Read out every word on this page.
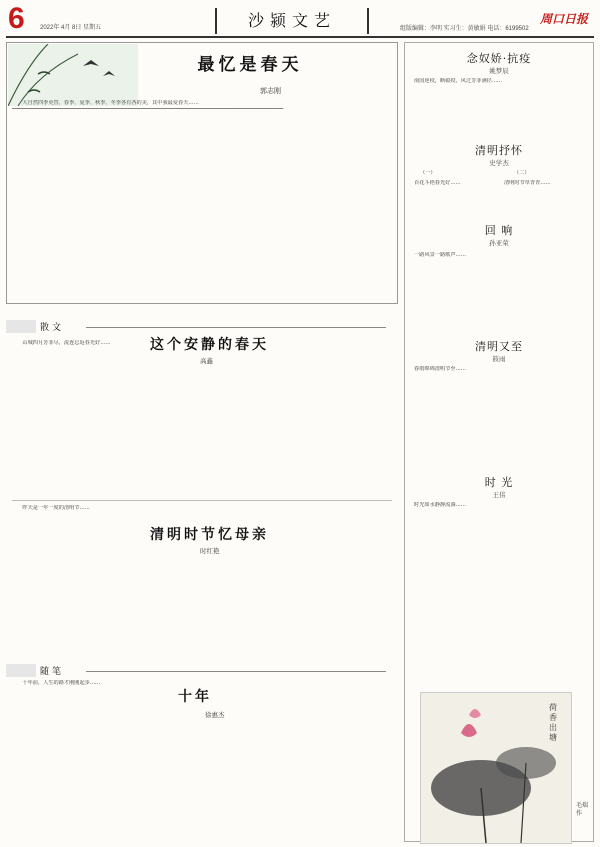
6	2022年 4月 8日 星期五	沙颍文艺	组版编辑：李明 实习生：黄敏娟 电话：6199502
周口日报
最忆是春天
郭志刚

大自然四季更替，春季、夏季、秋季、冬季各有各的美，其中我最爱春天……

▔▔▔▔▔▔▔▔▔▔▔▔▔▔▔▔▔▔▔▔▔▔▔▔▔▔▔▔▔▔▔▔▔▔▔▔▔▔▔▔▔▔▔▔▔▔▔▔▔▔▔▔▔▔▔▔▔▔▔▔▔▔▔▔▔▔▔▔
散文
这个安静的春天
高鑫

山城四月芳菲尽，流连忘返春光好……

▔▔▔▔▔▔▔▔▔▔▔▔▔▔▔▔▔▔▔▔▔▔▔▔▔▔▔▔▔▔▔▔▔
清明时节忆母亲
时红艳

昨天是一年一度的清明节……

▔▔▔▔▔▔▔▔▔▔▔▔▔▔▔▔▔▔▔▔▔▔▔▔▔▔▔▔▔▔▔▔▔
随笔
十年
徐惠杰

十年前，人生的路才刚刚起步……

念奴娇·抗疫
姚梦辰
南国逆疫，断瘟疫，风过芳菲满径……
清明抒怀
史学杰
（一）	（二）
百花斗艳春光好……	清明时节草青青……
回 响
孙亚荣
一路风景一路歌声……
清明又至
筱雨
春雨绵绵清明节至……
时 光
王伟
时光如水静静流淌……
荷香出塘
毛瑞 作
